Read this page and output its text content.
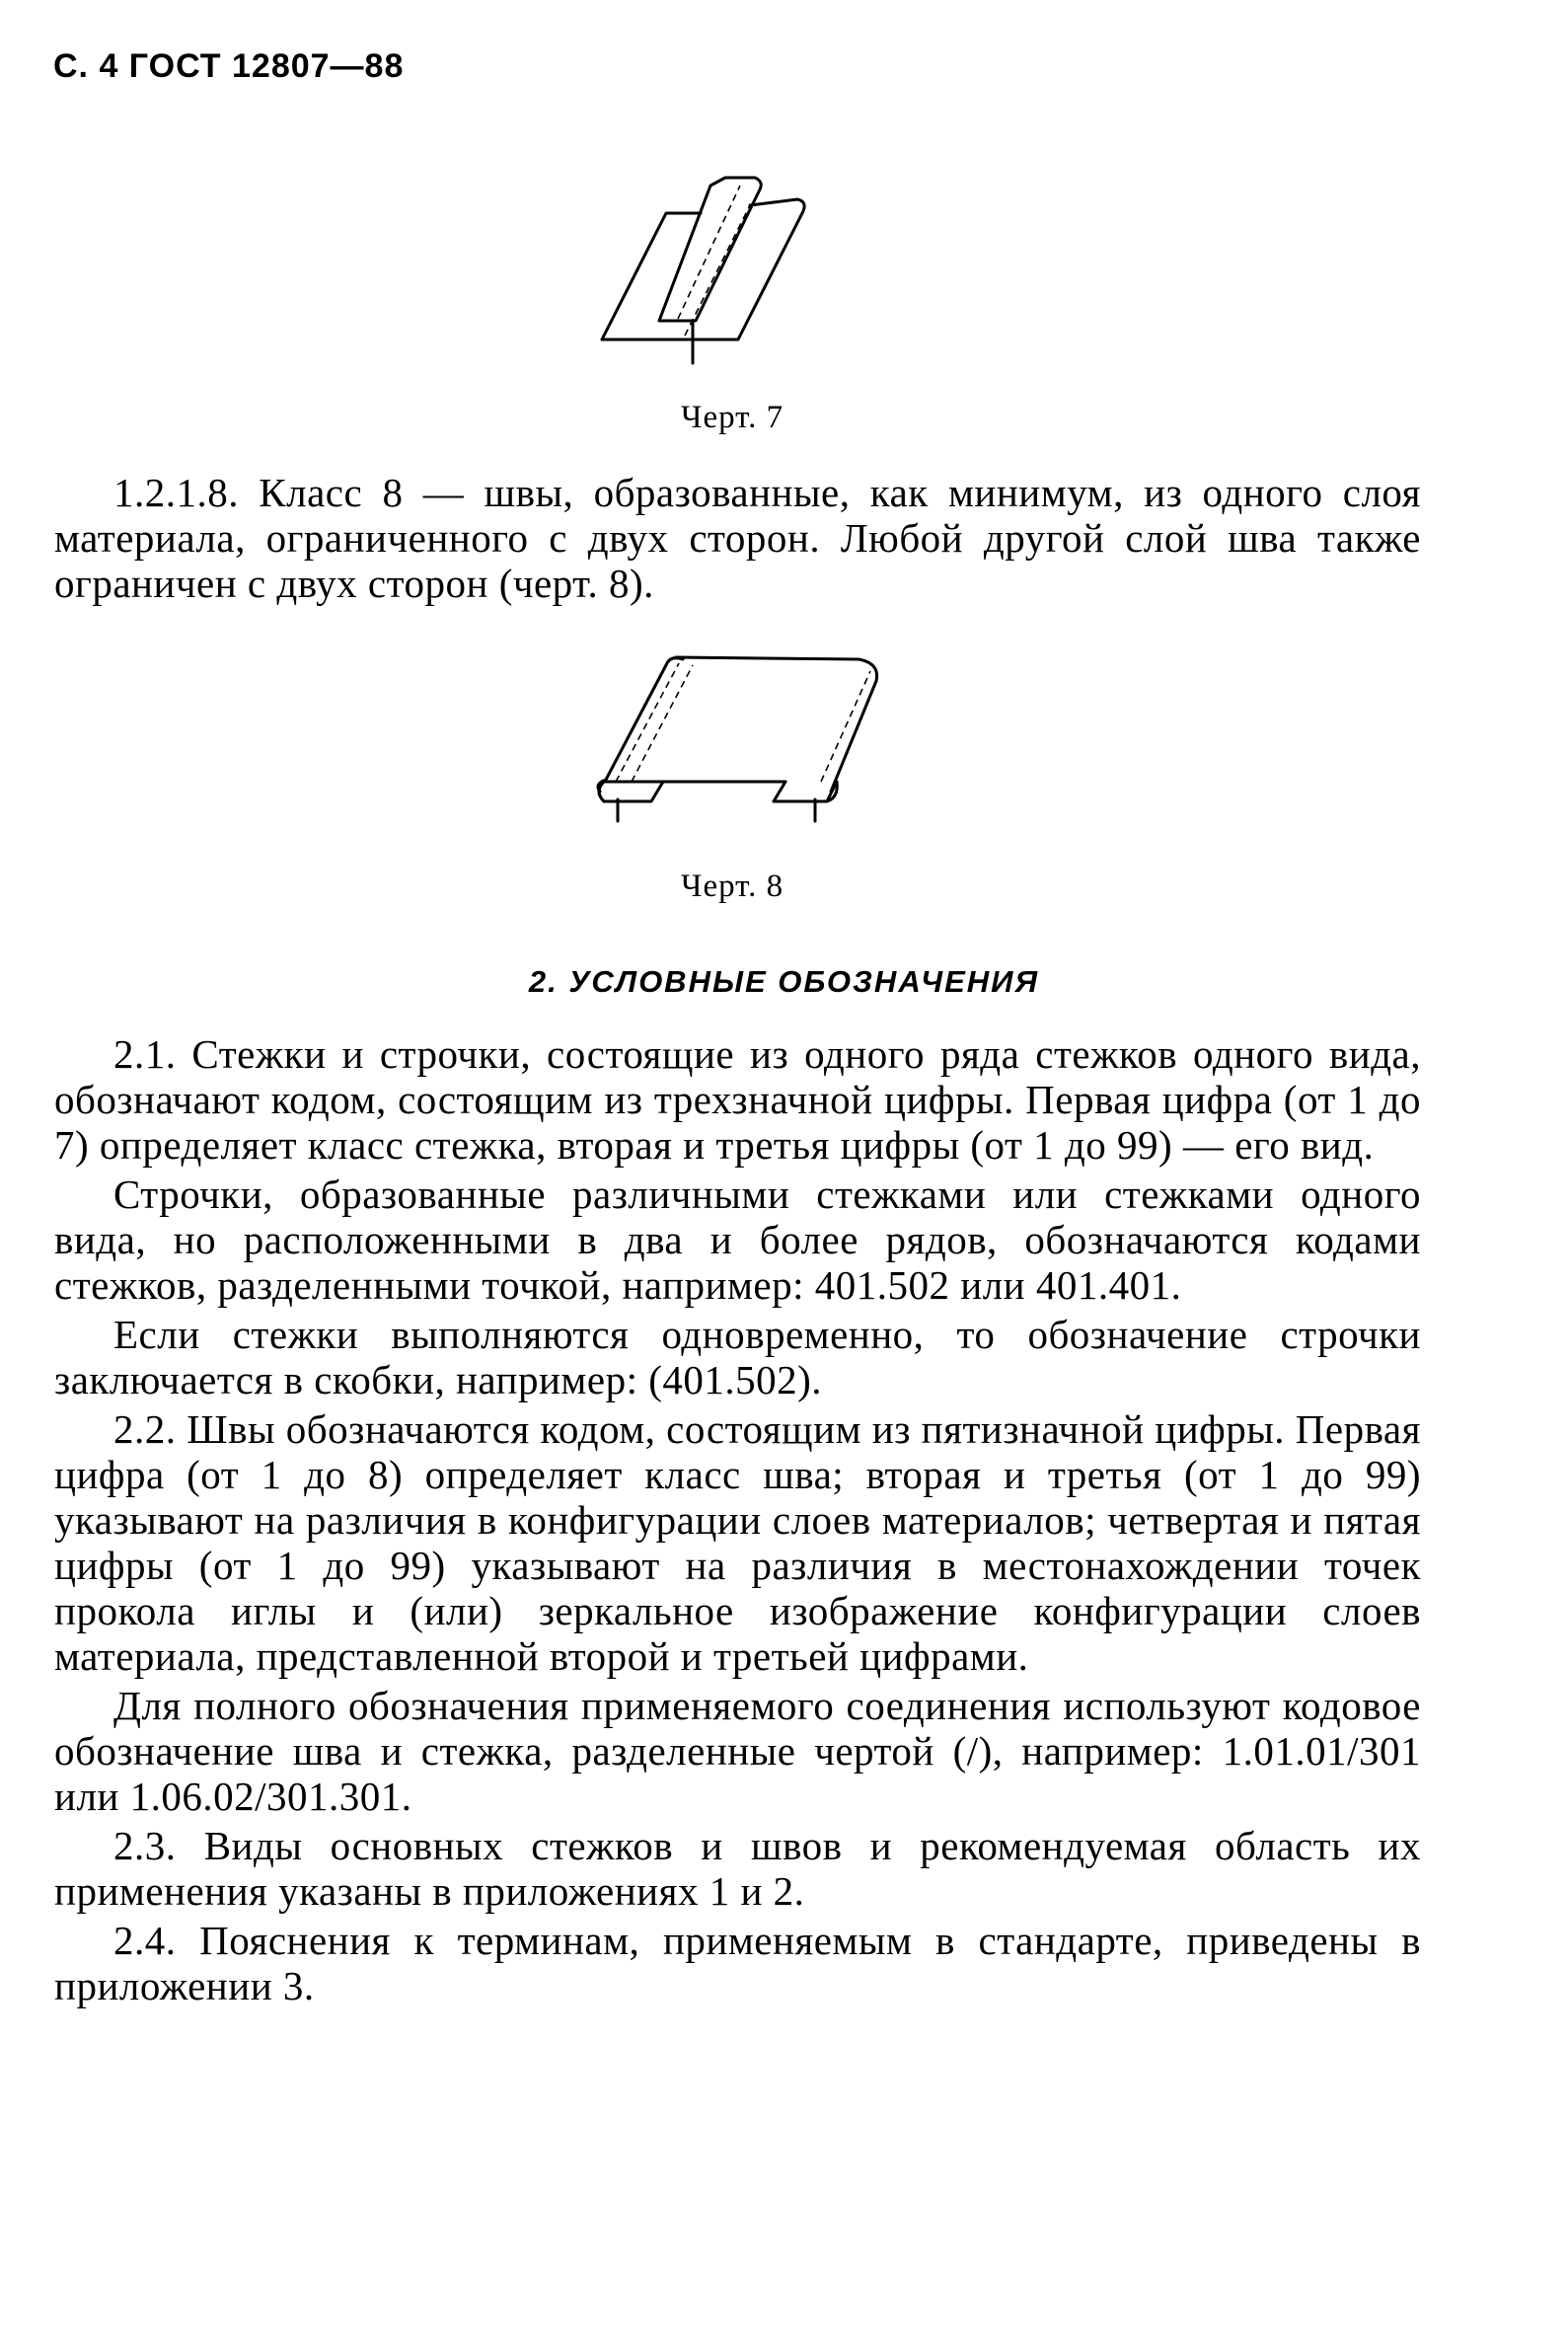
С. 4 ГОСТ 12807—88
Черт. 7

1.2.1.8. Класс 8 — швы, образованные, как минимум, из одного слоя материала, ограниченного с двух сторон. Любой другой слой шва также ограничен с двух сторон (черт. 8).

Черт. 8
2. УСЛОВНЫЕ ОБОЗНАЧЕНИЯ

2.1. Стежки и строчки, состоящие из одного ряда стежков одного вида, обозначают кодом, состоящим из трехзначной цифры. Первая цифра (от 1 до 7) определяет класс стежка, вторая и третья цифры (от 1 до 99) — его вид.

Строчки, образованные различными стежками или стежками одного вида, но расположенными в два и более рядов, обозначаются кодами стежков, разделенными точкой, например: 401.502 или 401.401.

Если стежки выполняются одновременно, то обозначение строчки заключается в скобки, например: (401.502).

2.2. Швы обозначаются кодом, состоящим из пятизначной цифры. Первая цифра (от 1 до 8) определяет класс шва; вторая и третья (от 1 до 99) указывают на различия в конфигурации слоев материалов; четвертая и пятая цифры (от 1 до 99) указывают на различия в местонахождении точек прокола иглы и (или) зеркальное изображение конфигурации слоев материала, представленной второй и третьей цифрами.

Для полного обозначения применяемого соединения используют кодовое обозначение шва и стежка, разделенные чертой (/), например: 1.01.01/301 или 1.06.02/301.301.

2.3. Виды основных стежков и швов и рекомендуемая область их применения указаны в приложениях 1 и 2.

2.4. Пояснения к терминам, применяемым в стандарте, приведены в приложении 3.
